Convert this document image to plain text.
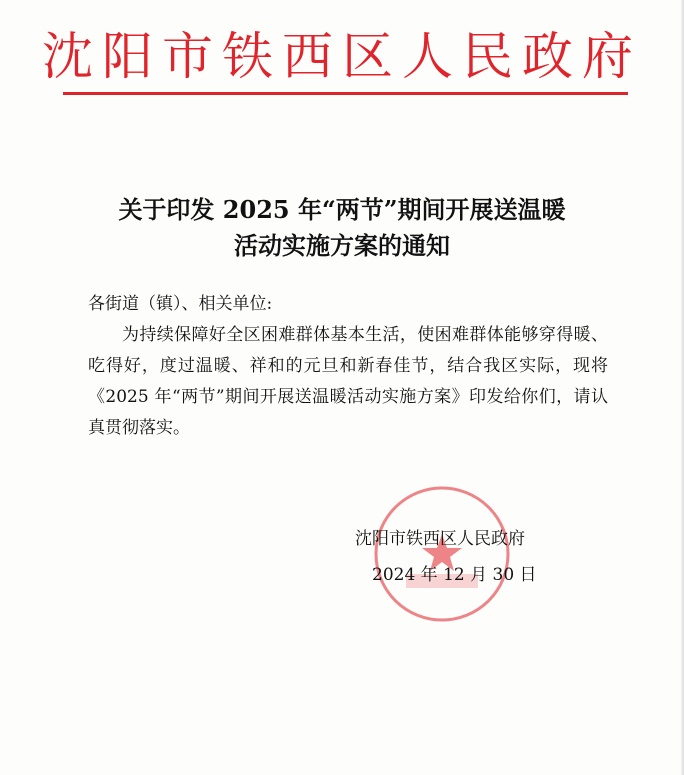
沈阳市铁西区人民政府
关于印发 2025 年“两节”期间开展送温暖
活动实施方案的通知
各街道（镇）、相关单位:
为持续保障好全区困难群体基本生活，使困难群体能够穿得暖、吃得好，度过温暖、祥和的元旦和新春佳节，结合我区实际，现将《2025 年“两节”期间开展送温暖活动实施方案》印发给你们，请认真贯彻落实。
沈阳市铁西区人民政府
2024 年 12 月 30 日
